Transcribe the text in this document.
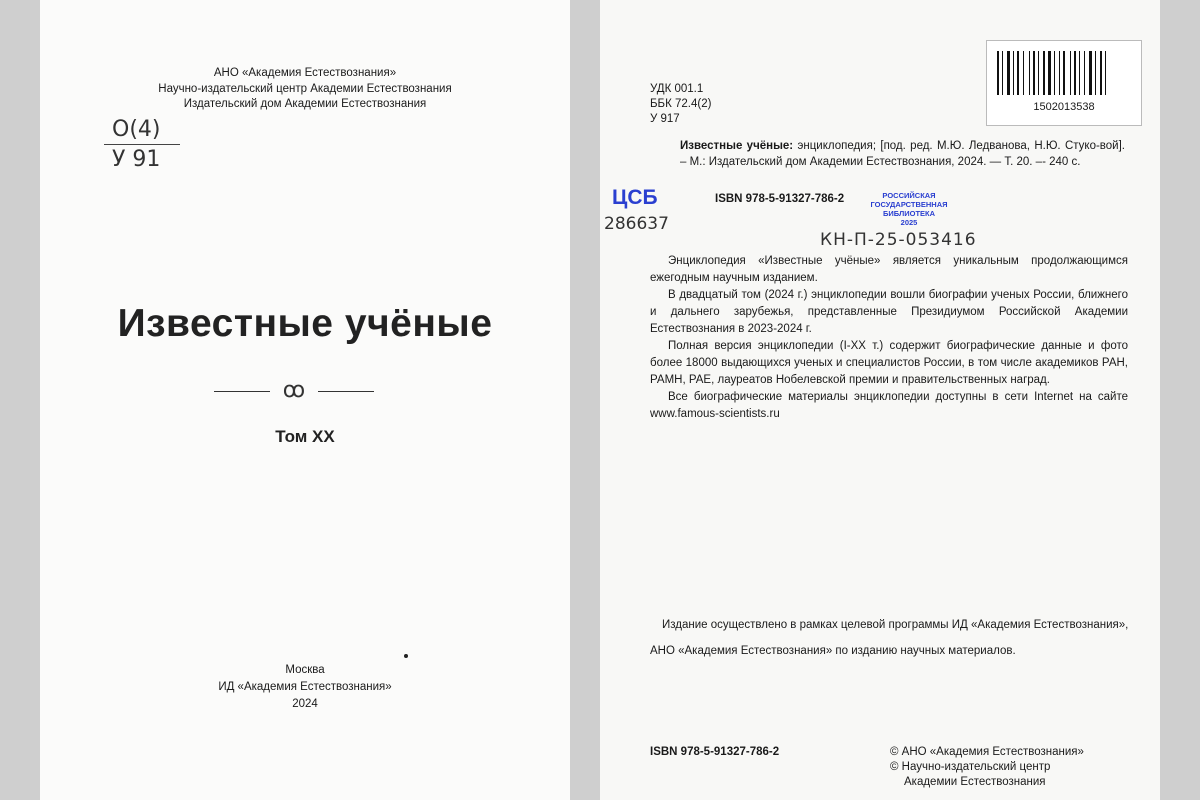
АНО «Академия Естествознания»
Научно-издательский центр Академии Естествознания
Издательский дом Академии Естествознания
О(4)
У 91
Известные учёные
ꝏ
Том XX
Москва
ИД «Академия Естествознания»
2024
УДК 001.1
ББК 72.4(2)
У 917
1502013538
Известные учёные: энциклопедия; [под. ред. М.Ю. Ледванова, Н.Ю. Стуко-вой]. – М.: Издательский дом Академии Естествознания, 2024. — Т. 20. –- 240 с.
ISBN 978-5-91327-786-2
ЦСБ
286637
РОССИЙСКАЯ
ГОСУДАРСТВЕННАЯ
БИБЛИОТЕКА
2025
КН-П-25-053416
Энциклопедия «Известные учёные» является уникальным продолжающимся ежегодным научным изданием.
В двадцатый том (2024 г.) энциклопедии вошли биографии ученых России, ближнего и дальнего зарубежья, представленные Президиумом Российской Академии Естествознания в 2023-2024 г.
Полная версия энциклопедии (I-XX т.) содержит биографические данные и фото более 18000 выдающихся ученых и специалистов России, в том числе академиков РАН, РАМН, РАЕ, лауреатов Нобелевской премии и правительственных наград.
Все биографические материалы энциклопедии доступны в сети Internet на сайте www.famous-scientists.ru
Издание осуществлено в рамках целевой программы ИД «Академия Естествознания»,
АНО «Академия Естествознания» по изданию научных материалов.
ISBN 978-5-91327-786-2	© АНО «Академия Естествознания»
© Научно-издательский центр
Академии Естествознания
